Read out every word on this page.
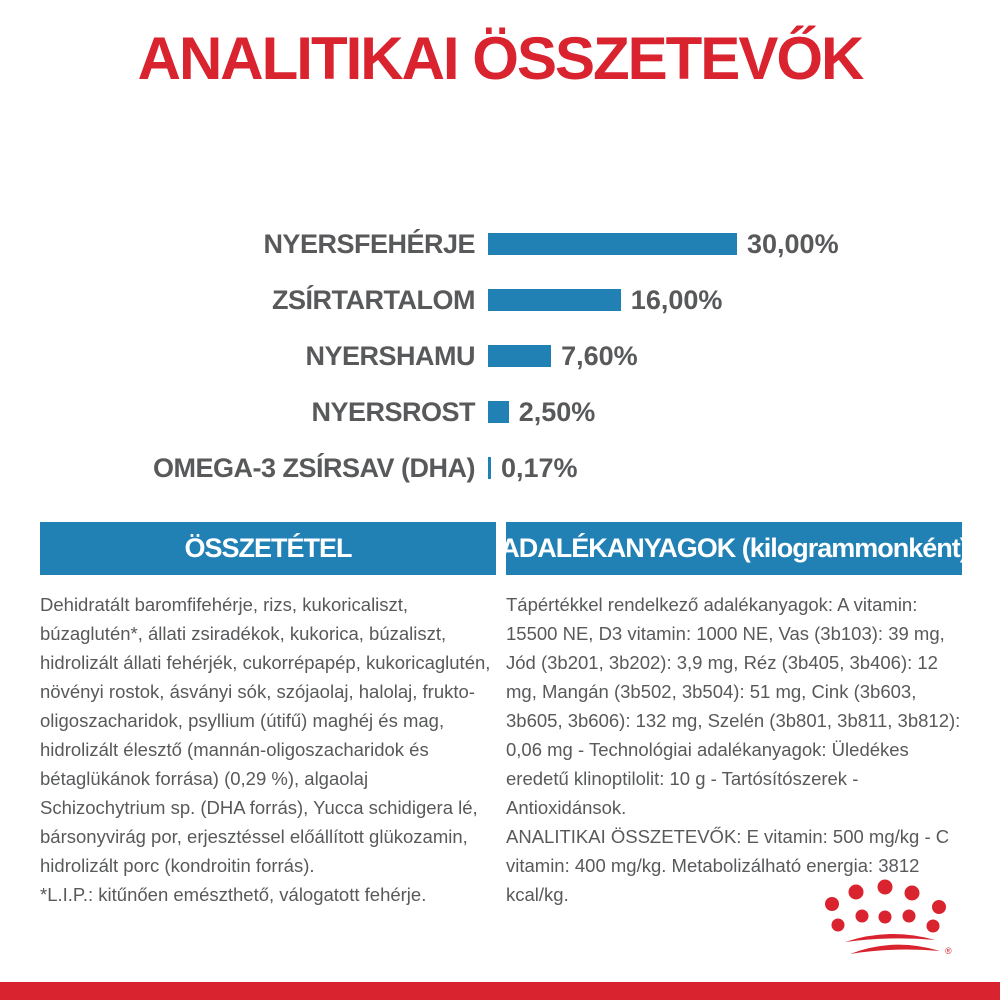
ANALITIKAI ÖSSZETEVŐK
NYERSFEHÉRJE	30,00%
ZSÍRTARTALOM	16,00%
NYERSHAMU	7,60%
NYERSROST	2,50%
OMEGA-3 ZSÍRSAV (DHA) 0,17%
ÖSSZETÉTEL

Dehidratált baromfifehérje, rizs, kukoricaliszt, búzaglutén*, állati zsiradékok, kukorica, búzaliszt, hidrolizált állati fehérjék, cukorrépapép, kukoricaglutén, növényi rostok, ásványi sók, szójaolaj, halolaj, frukto-oligoszacharidok, psyllium (útifű) maghéj és mag, hidrolizált élesztő (mannán-oligoszacharidok és bétaglükánok forrása) (0,29 %), algaolaj Schizochytrium sp. (DHA forrás), Yucca schidigera lé, bársonyvirág por, erjesztéssel előállított glükozamin, hidrolizált porc (kondroitin forrás).

*L.I.P.: kitűnően emészthető, válogatott fehérje.

ADALÉKANYAGOK (kilogrammonként)

Tápértékkel rendelkező adalékanyagok: A vitamin: 15500 NE, D3 vitamin: 1000 NE, Vas (3b103): 39 mg, Jód (3b201, 3b202): 3,9 mg, Réz (3b405, 3b406): 12 mg, Mangán (3b502, 3b504): 51 mg, Cink (3b603, 3b605, 3b606): 132 mg, Szelén (3b801, 3b811, 3b812): 0,06 mg - Technológiai adalékanyagok: Üledékes eredetű klinoptilolit: 10 g - Tartósítószerek - Antioxidánsok.

ANALITIKAI ÖSSZETEVŐK: E vitamin: 500 mg/kg - C vitamin: 400 mg/kg. Metabolizálható energia: 3812 kcal/kg.

®
